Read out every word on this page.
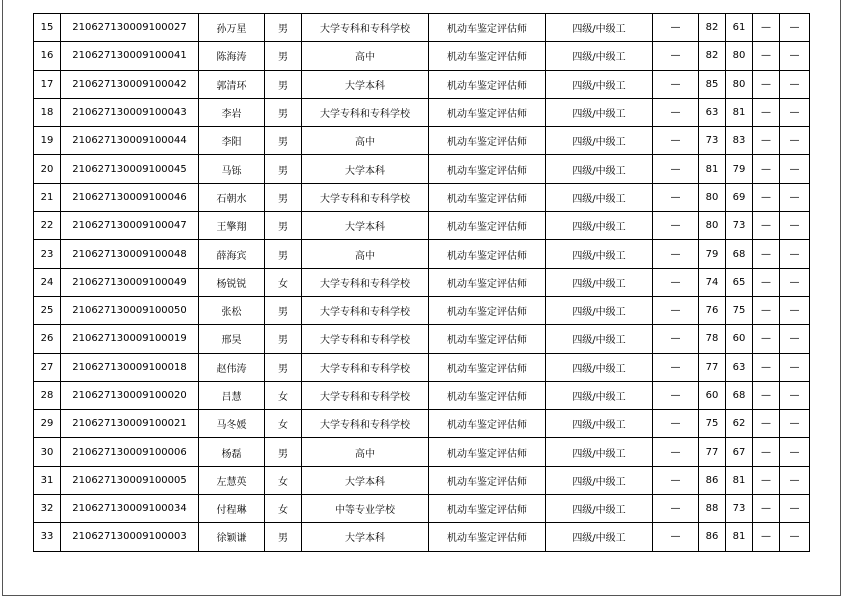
15	210627130009100027	孙万星	男	大学专科和专科学校	机动车鉴定评估师	四级/中级工	—	82	61	—	—
16	210627130009100041	陈海涛	男	高中	机动车鉴定评估师	四级/中级工	—	82	80	—	—
17	210627130009100042	郭清环	男	大学本科	机动车鉴定评估师	四级/中级工	—	85	80	—	—
18	210627130009100043	李岩	男	大学专科和专科学校	机动车鉴定评估师	四级/中级工	—	63	81	—	—
19	210627130009100044	李阳	男	高中	机动车鉴定评估师	四级/中级工	—	73	83	—	—
20	210627130009100045	马铄	男	大学本科	机动车鉴定评估师	四级/中级工	—	81	79	—	—
21	210627130009100046	石朝水	男	大学专科和专科学校	机动车鉴定评估师	四级/中级工	—	80	69	—	—
22	210627130009100047	王擎翔	男	大学本科	机动车鉴定评估师	四级/中级工	—	80	73	—	—
23	210627130009100048	薛海宾	男	高中	机动车鉴定评估师	四级/中级工	—	79	68	—	—
24	210627130009100049	杨锐锐	女	大学专科和专科学校	机动车鉴定评估师	四级/中级工	—	74	65	—	—
25	210627130009100050	张松	男	大学专科和专科学校	机动车鉴定评估师	四级/中级工	—	76	75	—	—
26	210627130009100019	邢昊	男	大学专科和专科学校	机动车鉴定评估师	四级/中级工	—	78	60	—	—
27	210627130009100018	赵伟涛	男	大学专科和专科学校	机动车鉴定评估师	四级/中级工	—	77	63	—	—
28	210627130009100020	吕慧	女	大学专科和专科学校	机动车鉴定评估师	四级/中级工	—	60	68	—	—
29	210627130009100021	马冬媛	女	大学专科和专科学校	机动车鉴定评估师	四级/中级工	—	75	62	—	—
30	210627130009100006	杨磊	男	高中	机动车鉴定评估师	四级/中级工	—	77	67	—	—
31	210627130009100005	左慧英	女	大学本科	机动车鉴定评估师	四级/中级工	—	86	81	—	—
32	210627130009100034	付程琳	女	中等专业学校	机动车鉴定评估师	四级/中级工	—	88	73	—	—
33	210627130009100003	徐颖谦	男	大学本科	机动车鉴定评估师	四级/中级工	—	86	81	—	—
